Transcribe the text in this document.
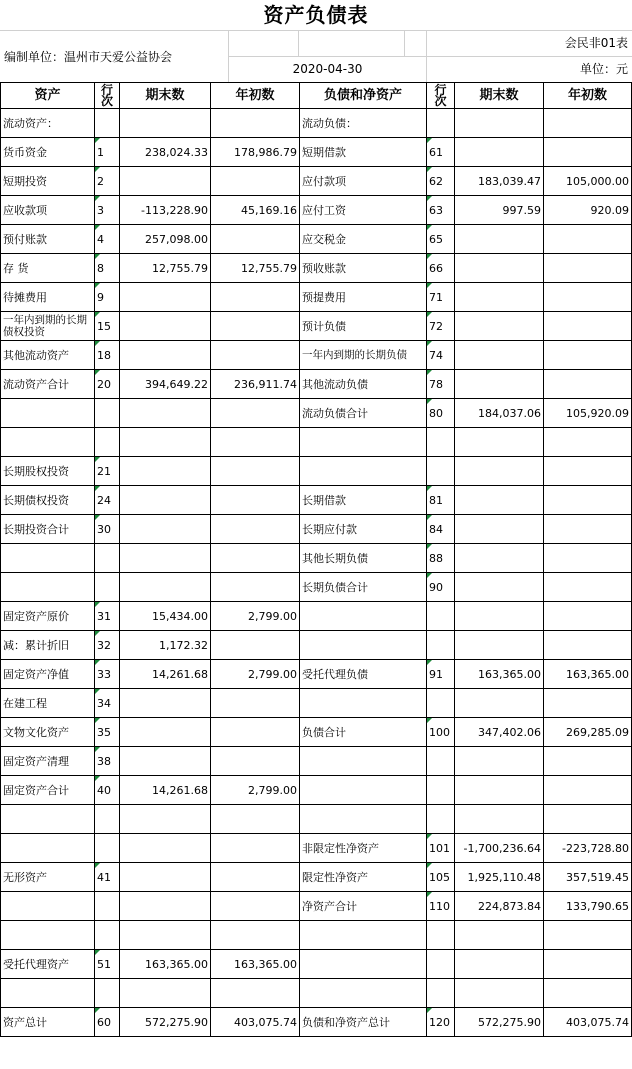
资产负债表
编制单位：温州市天爱公益协会
会民非01表
2020-04-30	单位：元
资产	行次	期末数	年初数	负债和净资产	行次	期末数	年初数
流动资产：				流动负债：			
货币资金	1	238,024.33	178,986.79	短期借款	61		
短期投资	2			应付款项	62	183,039.47	105,000.00
应收款项	3	-113,228.90	45,169.16	应付工资	63	997.59	920.09
预付账款	4	257,098.00		应交税金	65		
存 货	8	12,755.79	12,755.79	预收账款	66		
待摊费用	9			预提费用	71		
一年内到期的长期债权投资	15			预计负债	72		
其他流动资产	18			一年内到期的长期负债	74		
流动资产合计	20	394,649.22	236,911.74	其他流动负债	78		
				流动负债合计	80	184,037.06	105,920.09

长期股权投资	21						
长期债权投资	24			长期借款	81		
长期投资合计	30			长期应付款	84		
				其他长期负债	88		
				长期负债合计	90		
固定资产原价	31	15,434.00	2,799.00				
减：累计折旧	32	1,172.32					
固定资产净值	33	14,261.68	2,799.00	受托代理负债	91	163,365.00	163,365.00
在建工程	34						
文物文化资产	35			负债合计	100	347,402.06	269,285.09
固定资产清理	38						
固定资产合计	40	14,261.68	2,799.00				

				非限定性净资产	101	-1,700,236.64	-223,728.80
无形资产	41			限定性净资产	105	1,925,110.48	357,519.45
				净资产合计	110	224,873.84	133,790.65

受托代理资产	51	163,365.00	163,365.00				

资产总计	60	572,275.90	403,075.74	负债和净资产总计	120	572,275.90	403,075.74
